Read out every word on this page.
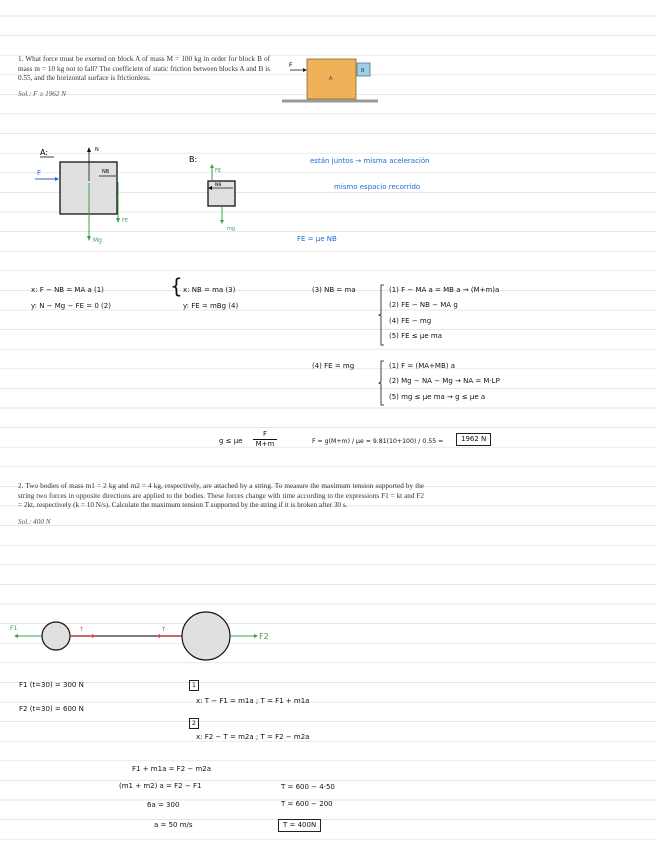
1. What force must be exerted on block A of mass M = 100 kg in order for block B of mass m = 10 kg not to fall? The coefficient of static friction between blocks A and B is 0.55, and the horizontal surface is frictionless.
Sol.: F ≥ 1962 N
F
A
B
A:	N
NB
F
Mg
FE
B:
FE
NB
mg
están juntos → misma aceleración
mismo espacio recorrido
FE = μe NB
x: F − NB = MA a (1)
y: N − Mg − FE = 0 (2)
{ x: NB = ma (3)
y: FE = mBg (4)
(3) NB = ma	(1) F − MA a = MB a → (M+m)a
(2) FE − NB − MA g
(4) FE − mg
(5) FE ≤ μe ma
(4) FE = mg	(1) F = (MA+MB) a
(2) Mg − NA − Mg → NA = M·LP
(5) mg ≤ μe ma → g ≤ μe a
g ≤ μe $\frac{F}{M+m}$	F = g(M+m) / μe = 9.81(10+100) / 0.55 =	1962 N
2. Two bodies of mass m1 = 2 kg and m2 = 4 kg, respectively, are attached by a string. To measure the maximum tension supported by the string two forces in opposite directions are applied to the bodies. These forces change with time according to the expressions F1 = kt and F2 = 2kt, respectively (k = 10 N/s). Calculate the maximum tension T supported by the string if it is broken after 30 s.
Sol.: 400 N
F1	T	T
F2
F1 (t=30) = 300 N
F2 (t=30) = 600 N
1
x: T − F1 = m1a ; T = F1 + m1a
2
x: F2 − T = m2a ; T = F2 − m2a
F1 + m1a = F2 − m2a
(m1 + m2) a = F2 − F1
6a = 300
a = 50 m/s
T = 600 − 4·50
T = 600 − 200
T = 400N
